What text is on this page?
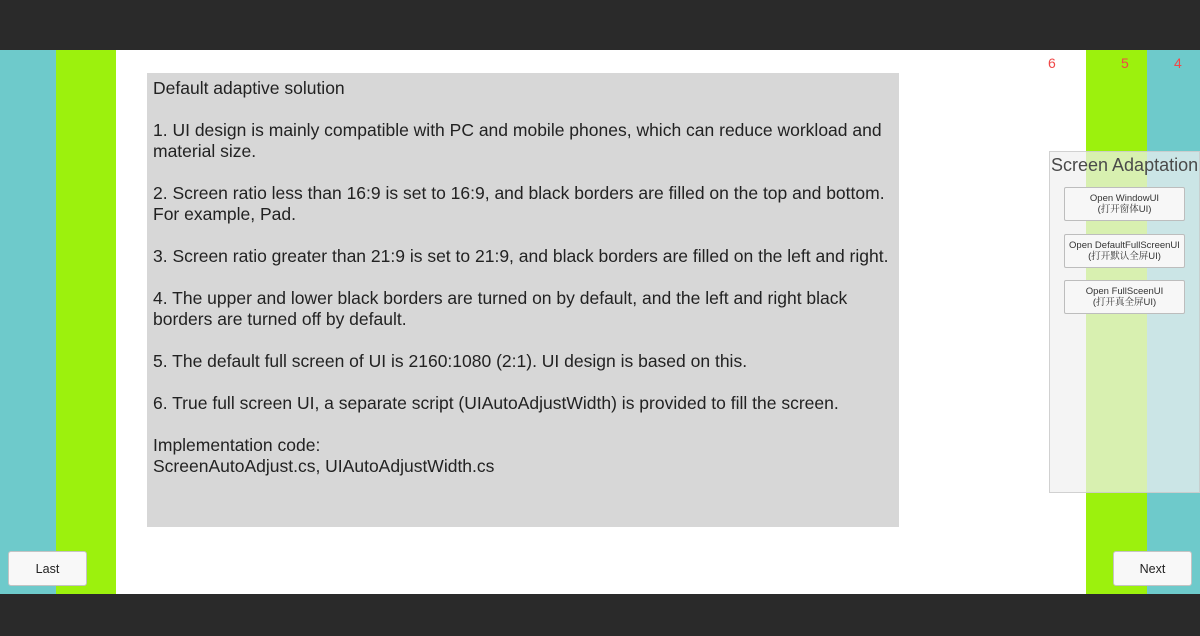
6	5	4

Default adaptive solution

1. UI design is mainly compatible with PC and mobile phones, which can reduce workload and material size.

2. Screen ratio less than 16:9 is set to 16:9, and black borders are filled on the top and bottom. For example, Pad.

3. Screen ratio greater than 21:9 is set to 21:9, and black borders are filled on the left and right.

4. The upper and lower black borders are turned on by default, and the left and right black borders are turned off by default.

5. The default full screen of UI is 2160:1080 (2:1). UI design is based on this.

6. True full screen UI, a separate script (UIAutoAdjustWidth) is provided to fill the screen.

Implementation code:
ScreenAutoAdjust.cs, UIAutoAdjustWidth.cs
Screen Adaptation
Open WindowUI
(打开窗体UI)
Open DefaultFullScreenUI
(打开默认全屏UI)
Open FullSceenUI
(打开真全屏UI)
Last	Next
